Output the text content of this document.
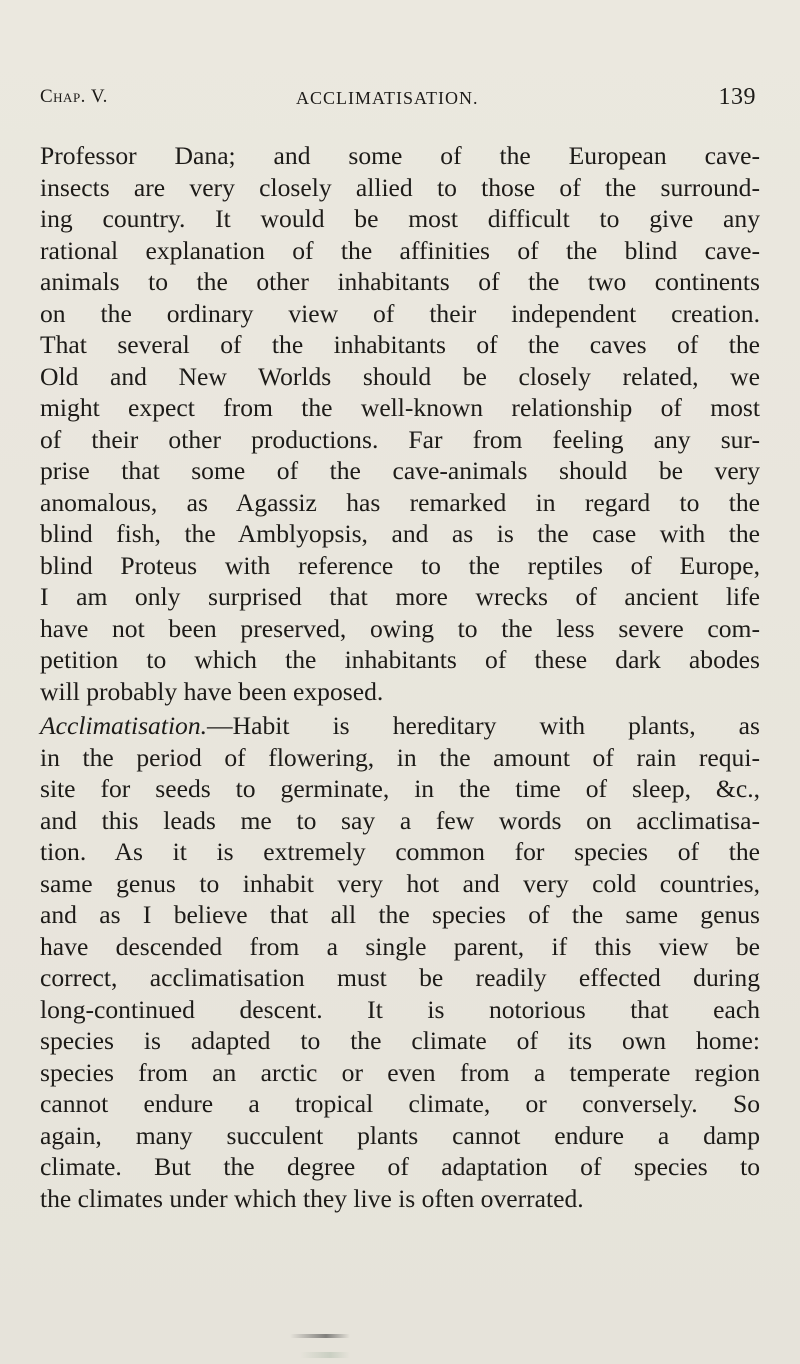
Chap. V.	ACCLIMATISATION.	139
Professor Dana; and some of the European cave-
insects are very closely allied to those of the surround-
ing country. It would be most difficult to give any
rational explanation of the affinities of the blind cave-
animals to the other inhabitants of the two continents
on the ordinary view of their independent creation.
That several of the inhabitants of the caves of the
Old and New Worlds should be closely related, we
might expect from the well-known relationship of most
of their other productions. Far from feeling any sur-
prise that some of the cave-animals should be very
anomalous, as Agassiz has remarked in regard to the
blind fish, the Amblyopsis, and as is the case with the
blind Proteus with reference to the reptiles of Europe,
I am only surprised that more wrecks of ancient life
have not been preserved, owing to the less severe com-
petition to which the inhabitants of these dark abodes
will probably have been exposed.
Acclimatisation.—Habit is hereditary with plants, as
in the period of flowering, in the amount of rain requi-
site for seeds to germinate, in the time of sleep, &c.,
and this leads me to say a few words on acclimatisa-
tion. As it is extremely common for species of the
same genus to inhabit very hot and very cold countries,
and as I believe that all the species of the same genus
have descended from a single parent, if this view be
correct, acclimatisation must be readily effected during
long-continued descent. It is notorious that each
species is adapted to the climate of its own home:
species from an arctic or even from a temperate region
cannot endure a tropical climate, or conversely. So
again, many succulent plants cannot endure a damp
climate. But the degree of adaptation of species to
the climates under which they live is often overrated.
